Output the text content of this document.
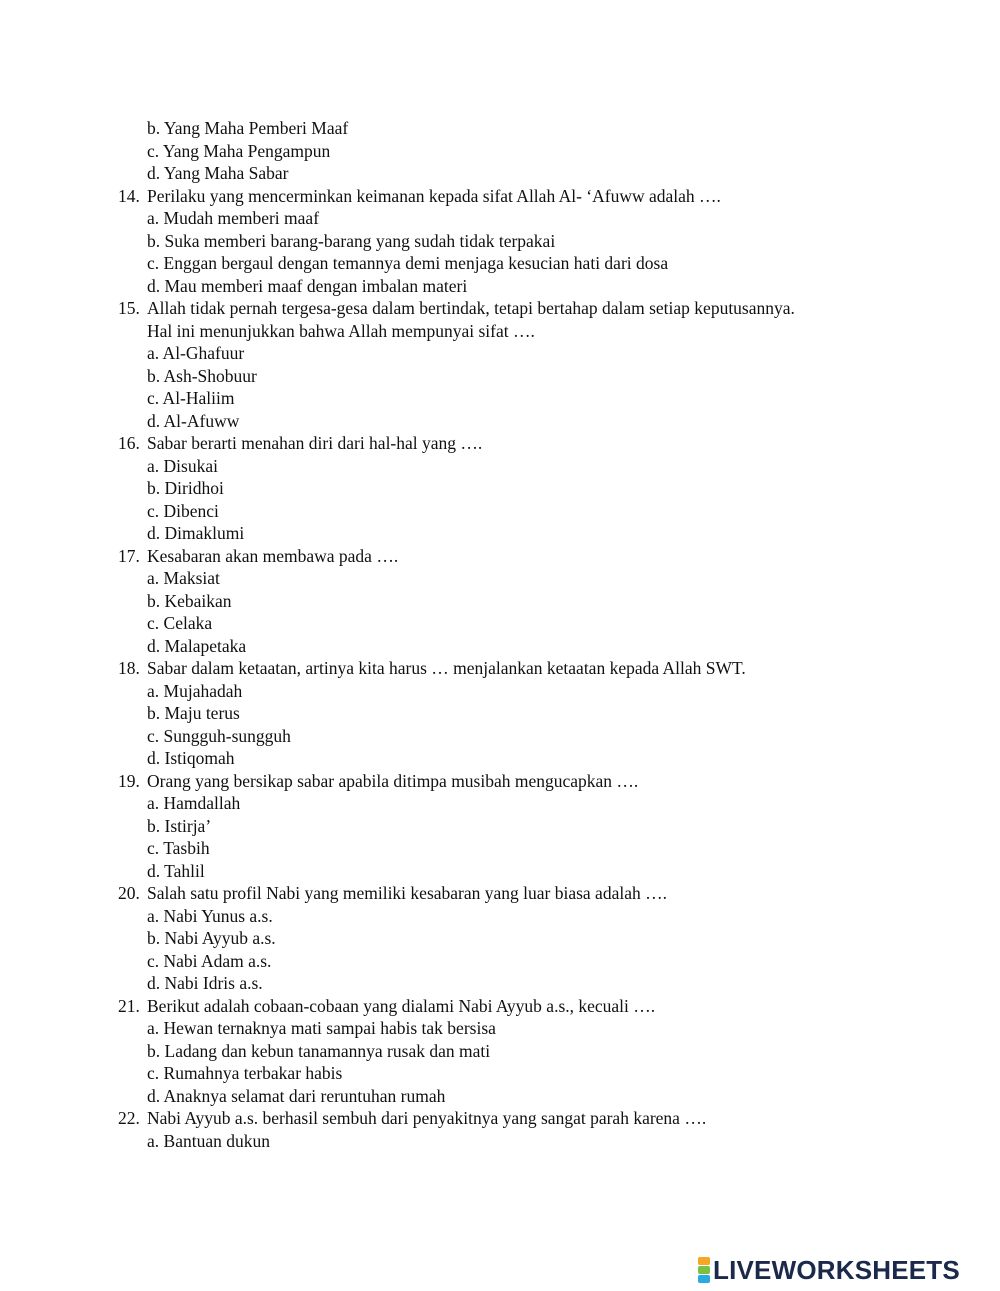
b. Yang Maha Pemberi Maaf
c. Yang Maha Pengampun
d. Yang Maha Sabar
14. Perilaku yang mencerminkan keimanan kepada sifat Allah Al- ‘Afuww adalah ….
a. Mudah memberi maaf
b. Suka memberi barang-barang yang sudah tidak terpakai
c. Enggan bergaul dengan temannya demi menjaga kesucian hati dari dosa
d. Mau memberi maaf dengan imbalan materi
15. Allah tidak pernah tergesa-gesa dalam bertindak, tetapi bertahap dalam setiap keputusannya.
Hal ini menunjukkan bahwa Allah mempunyai sifat ….
a. Al-Ghafuur
b. Ash-Shobuur
c. Al-Haliim
d. Al-Afuww
16. Sabar berarti menahan diri dari hal-hal yang ….
a. Disukai
b. Diridhoi
c. Dibenci
d. Dimaklumi
17. Kesabaran akan membawa pada ….
a. Maksiat
b. Kebaikan
c. Celaka
d. Malapetaka
18. Sabar dalam ketaatan, artinya kita harus … menjalankan ketaatan kepada Allah SWT.
a. Mujahadah
b. Maju terus
c. Sungguh-sungguh
d. Istiqomah
19. Orang yang bersikap sabar apabila ditimpa musibah mengucapkan ….
a. Hamdallah
b. Istirja’
c. Tasbih
d. Tahlil
20. Salah satu profil Nabi yang memiliki kesabaran yang luar biasa adalah ….
a. Nabi Yunus a.s.
b. Nabi Ayyub a.s.
c. Nabi Adam a.s.
d. Nabi Idris a.s.
21. Berikut adalah cobaan-cobaan yang dialami Nabi Ayyub a.s., kecuali ….
a. Hewan ternaknya mati sampai habis tak bersisa
b. Ladang dan kebun tanamannya rusak dan mati
c. Rumahnya terbakar habis
d. Anaknya selamat dari reruntuhan rumah
22. Nabi Ayyub a.s. berhasil sembuh dari penyakitnya yang sangat parah karena ….
a. Bantuan dukun
LIVEWORKSHEETS
